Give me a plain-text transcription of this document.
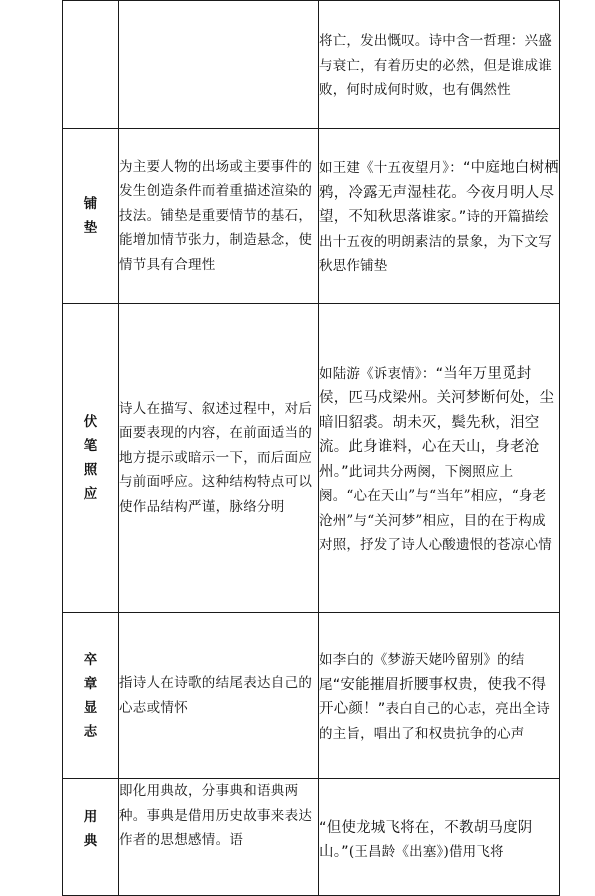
		将亡，发出慨叹。诗中含一哲理：兴盛与衰亡，有着历史的必然，但是谁成谁败，何时成何时败，也有偶然性
铺垫	为主要人物的出场或主要事件的发生创造条件而着重描述渲染的技法。铺垫是重要情节的基石，能增加情节张力，制造悬念，使情节具有合理性	如王建《十五夜望月》：“中庭地白树栖鸦，冷露无声湿桂花。今夜月明人尽望，不知秋思落谁家。”诗的开篇描绘出十五夜的明朗素洁的景象，为下文写秋思作铺垫
伏笔照应	诗人在描写、叙述过程中，对后面要表现的内容，在前面适当的地方提示或暗示一下，而后面应与前面呼应。这种结构特点可以使作品结构严谨，脉络分明	如陆游《诉衷情》：“当年万里觅封侯，匹马戍梁州。关河梦断何处，尘暗旧貂裘。胡未灭，鬓先秋，泪空流。此身谁料，心在天山，身老沧州。”此词共分两阕，下阕照应上阕。“心在天山”与“当年”相应，“身老沧州”与“关河梦”相应，目的在于构成对照，抒发了诗人心酸遗恨的苍凉心情
卒章显志	指诗人在诗歌的结尾表达自己的心志或情怀	如李白的《梦游天姥吟留别》的结尾“安能摧眉折腰事权贵，使我不得开心颜！”表白自己的心志，亮出全诗的主旨，唱出了和权贵抗争的心声
用典	即化用典故，分事典和语典两种。事典是借用历史故事来表达作者的思想感情。语	“但使龙城飞将在，不教胡马度阴山。”(王昌龄《出塞》)借用飞将
